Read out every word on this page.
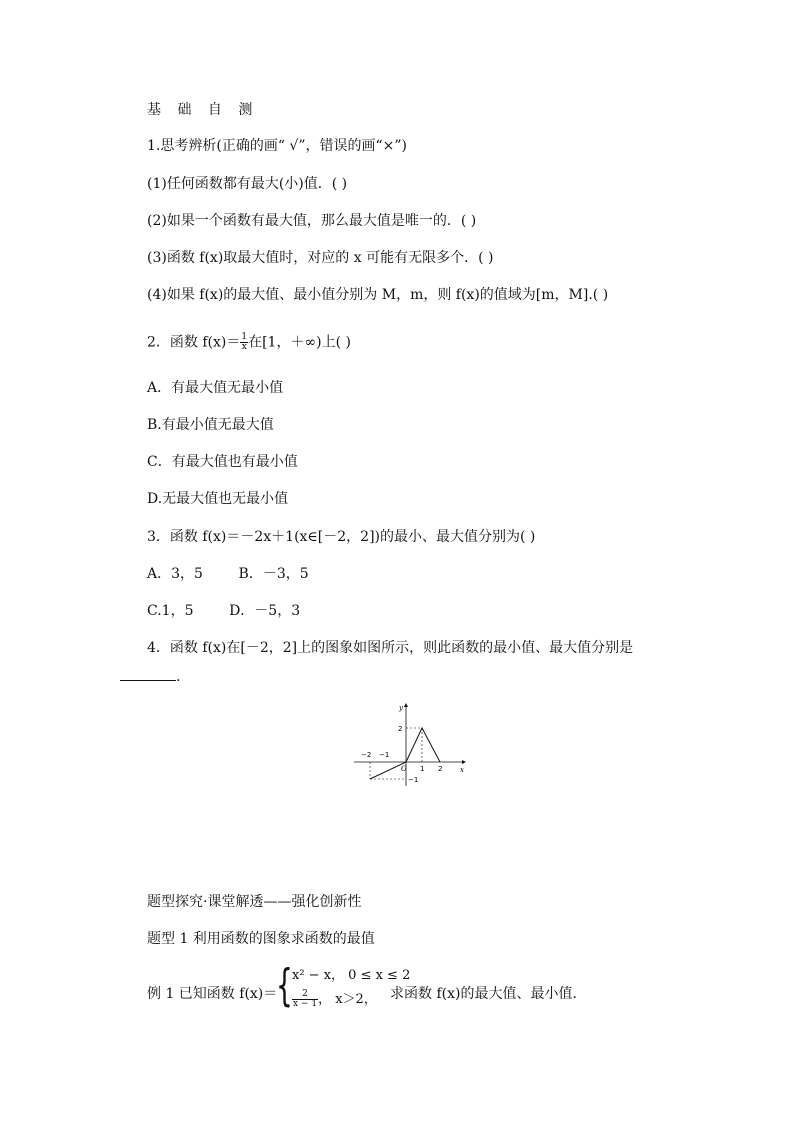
基 础 自 测
1.思考辨析(正确的画“ √”，错误的画“×”)
(1)任何函数都有最大(小)值．( )
(2)如果一个函数有最大值，那么最大值是唯一的．( )
(3)函数 f(x)取最大值时，对应的 x 可能有无限多个．( )
(4)如果 f(x)的最大值、最小值分别为 M，m，则 f(x)的值域为[m，M].( )
2．函数 $f(x)= \frac{1}{x}$ 在[1，＋∞)上( )
A．有最大值无最小值
B.有最小值无最大值
C．有最大值也有最小值
D.无最大值也无最小值
3．函数 f(x)＝－2x＋1(x∈[－2，2])的最小、最大值分别为( )
A．3，5        B．－3，5
C.1，5        D．－5，3
4．函数 f(x)在[－2，2]上的图象如图所示，则此函数的最小值、最大值分别是
.
y
x
O
2
−2 −1
1 2
−1
题型探究·课堂解透——强化创新性
题型 1 利用函数的图象求函数的最值
例 1 已知函数 f(x)＝
{ x² − x， 0 ≤ x ≤ 2
$\frac{2}{x - 1}$ ， x＞2， 求函数 f(x)的最大值、最小值．
